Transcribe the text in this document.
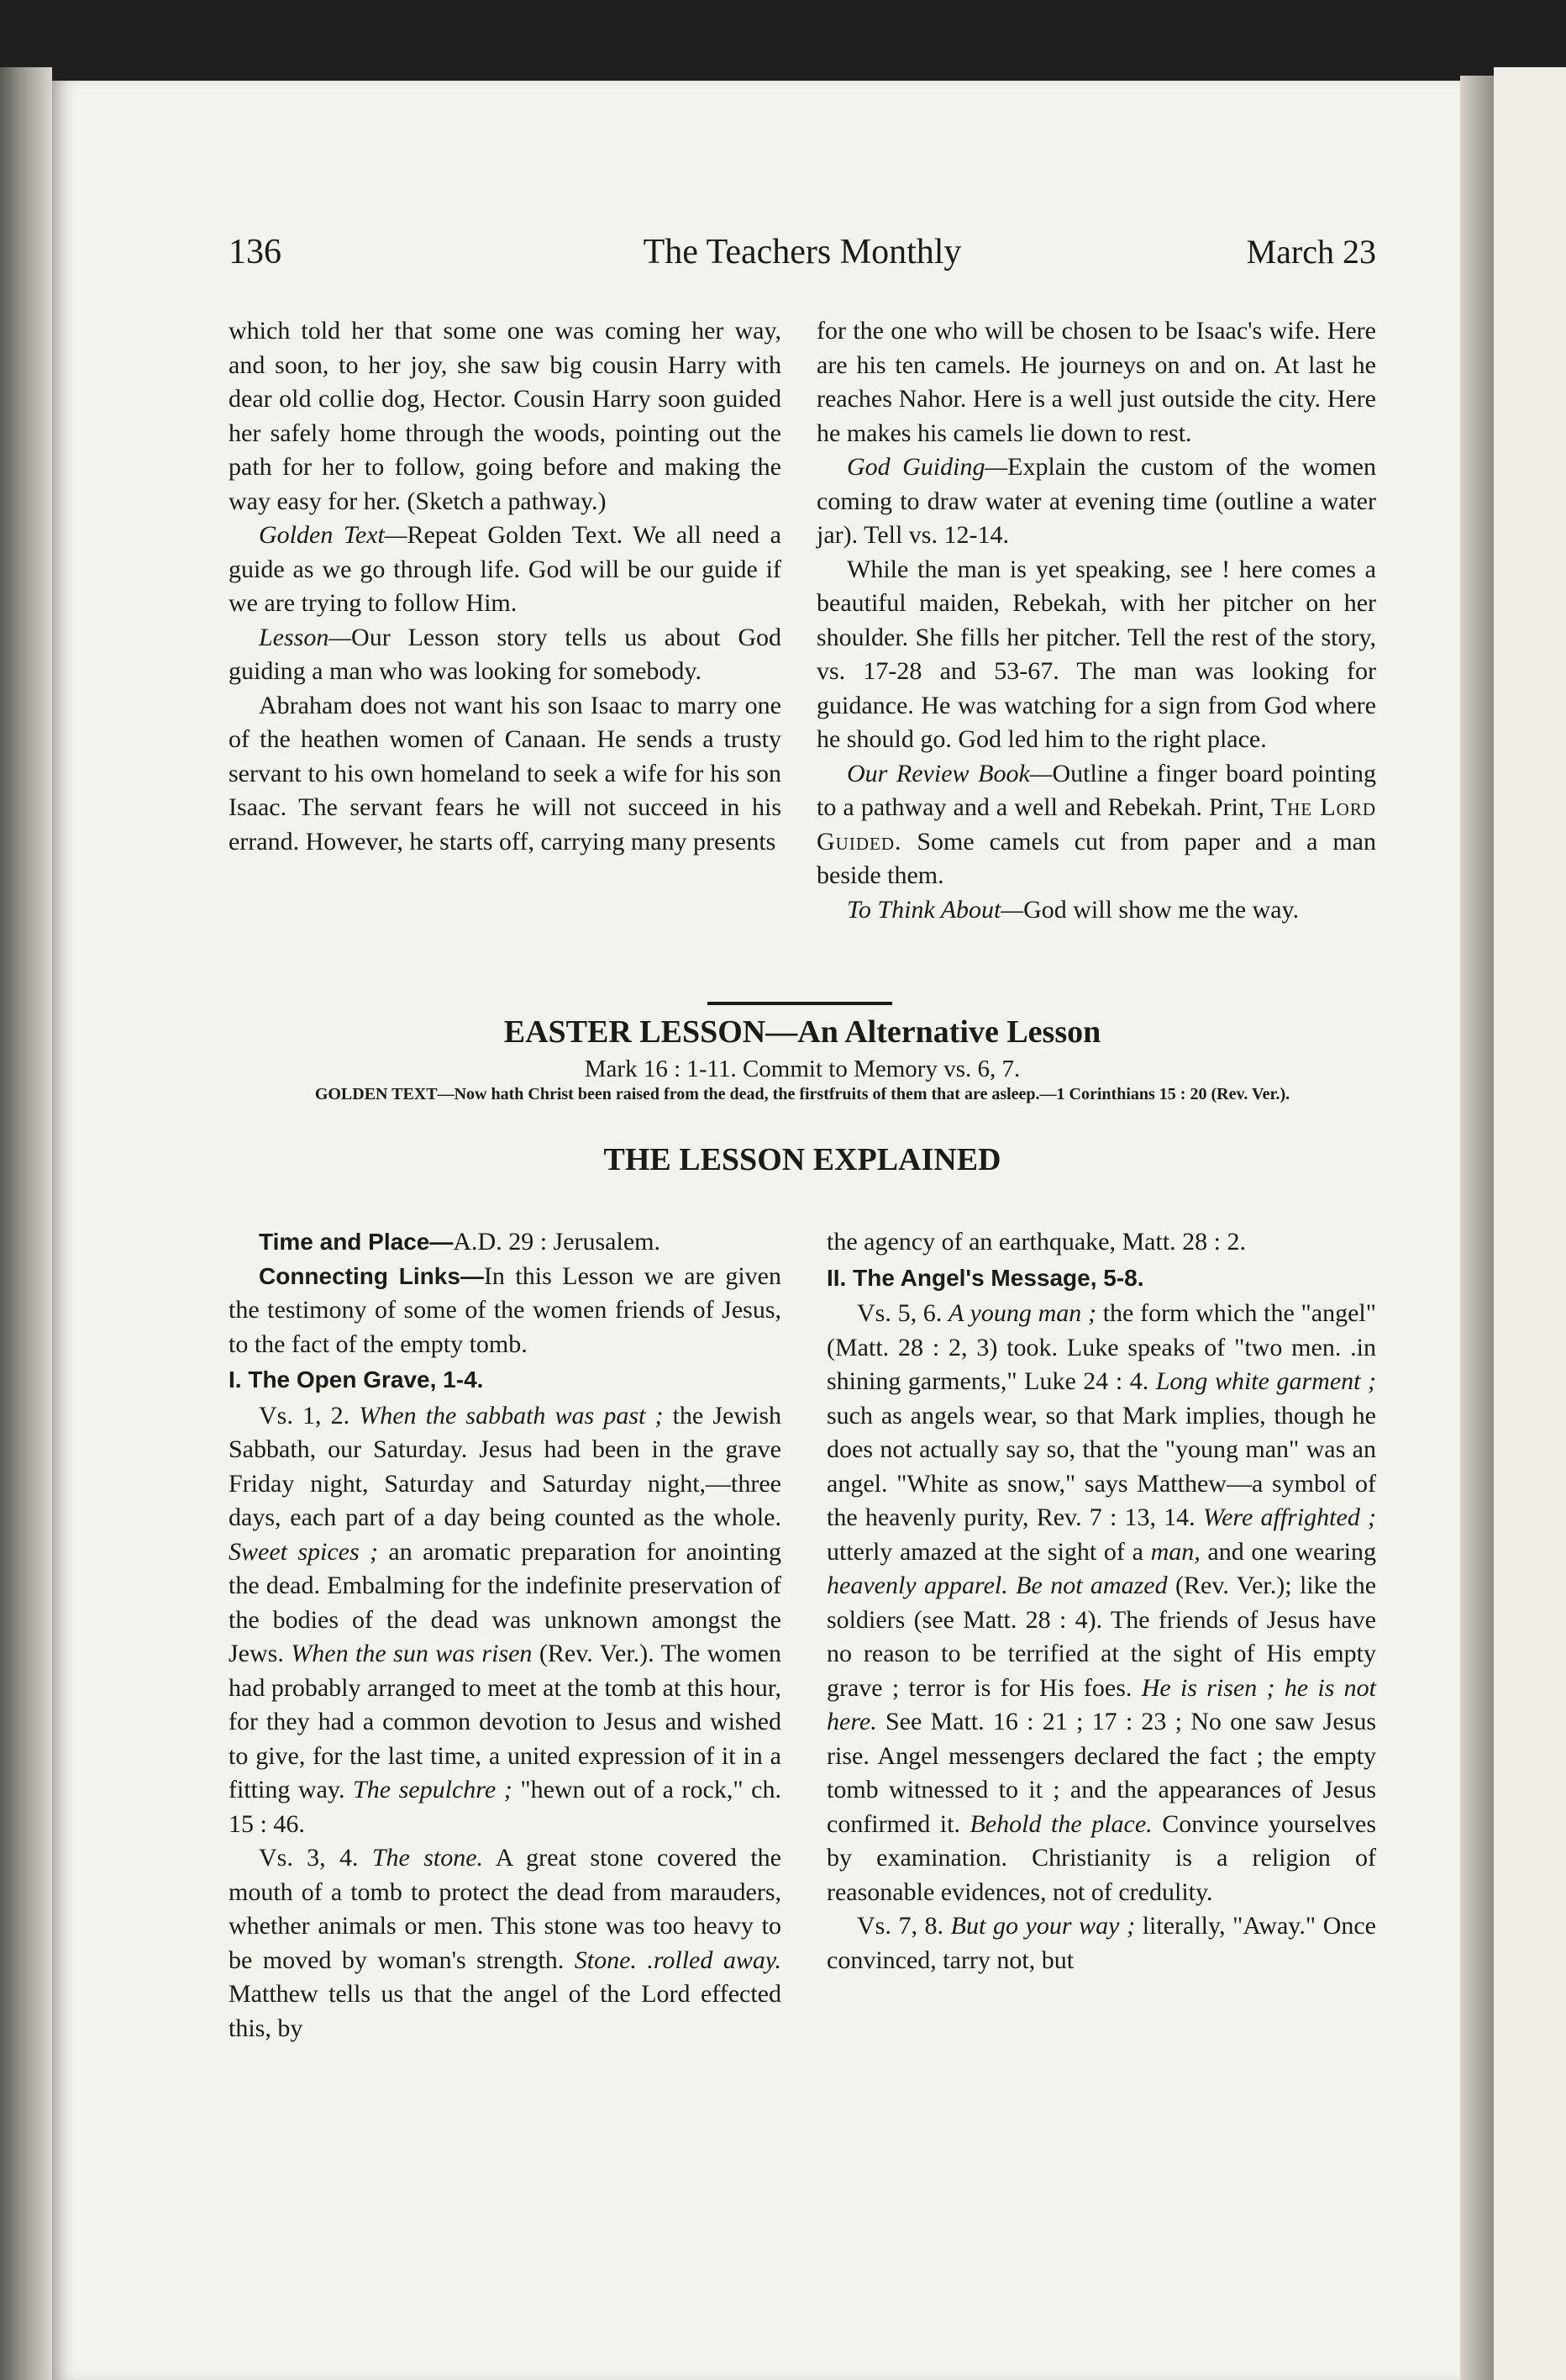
136	The Teachers Monthly	March 23

which told her that some one was coming her way, and soon, to her joy, she saw big cousin Harry with dear old collie dog, Hector. Cousin Harry soon guided her safely home through the woods, pointing out the path for her to follow, going before and making the way easy for her. (Sketch a pathway.)

Golden Text—Repeat Golden Text. We all need a guide as we go through life. God will be our guide if we are trying to follow Him.

Lesson—Our Lesson story tells us about God guiding a man who was looking for somebody.

Abraham does not want his son Isaac to marry one of the heathen women of Canaan. He sends a trusty servant to his own homeland to seek a wife for his son Isaac. The servant fears he will not succeed in his errand. However, he starts off, carrying many presents

for the one who will be chosen to be Isaac's wife. Here are his ten camels. He journeys on and on. At last he reaches Nahor. Here is a well just outside the city. Here he makes his camels lie down to rest.

God Guiding—Explain the custom of the women coming to draw water at evening time (outline a water jar). Tell vs. 12-14.

While the man is yet speaking, see ! here comes a beautiful maiden, Rebekah, with her pitcher on her shoulder. She fills her pitcher. Tell the rest of the story, vs. 17-28 and 53-67. The man was looking for guidance. He was watching for a sign from God where he should go. God led him to the right place.

Our Review Book—Outline a finger board pointing to a pathway and a well and Rebekah. Print, The Lord Guided. Some camels cut from paper and a man beside them.

To Think About—God will show me the way.

EASTER LESSON—An Alternative Lesson
Mark 16 : 1-11. Commit to Memory vs. 6, 7.
GOLDEN TEXT—Now hath Christ been raised from the dead, the firstfruits of them that are asleep.—1 Corinthians 15 : 20 (Rev. Ver.).
THE LESSON EXPLAINED

Time and Place—A.D. 29 : Jerusalem.

Connecting Links—In this Lesson we are given the testimony of some of the women friends of Jesus, to the fact of the empty tomb.

I. The Open Grave, 1-4.

Vs. 1, 2. When the sabbath was past ; the Jewish Sabbath, our Saturday. Jesus had been in the grave Friday night, Saturday and Saturday night,—three days, each part of a day being counted as the whole. Sweet spices ; an aromatic preparation for anointing the dead. Embalming for the indefinite preservation of the bodies of the dead was unknown amongst the Jews. When the sun was risen (Rev. Ver.). The women had probably arranged to meet at the tomb at this hour, for they had a common devotion to Jesus and wished to give, for the last time, a united expression of it in a fitting way. The sepulchre ; "hewn out of a rock," ch. 15 : 46.

Vs. 3, 4. The stone. A great stone covered the mouth of a tomb to protect the dead from marauders, whether animals or men. This stone was too heavy to be moved by woman's strength. Stone. .rolled away. Matthew tells us that the angel of the Lord effected this, by

the agency of an earthquake, Matt. 28 : 2.

II. The Angel's Message, 5-8.

Vs. 5, 6. A young man ; the form which the "angel" (Matt. 28 : 2, 3) took. Luke speaks of "two men. .in shining garments," Luke 24 : 4. Long white garment ; such as angels wear, so that Mark implies, though he does not actually say so, that the "young man" was an angel. "White as snow," says Matthew—a symbol of the heavenly purity, Rev. 7 : 13, 14. Were affrighted ; utterly amazed at the sight of a man, and one wearing heavenly apparel. Be not amazed (Rev. Ver.); like the soldiers (see Matt. 28 : 4). The friends of Jesus have no reason to be terrified at the sight of His empty grave ; terror is for His foes. He is risen ; he is not here. See Matt. 16 : 21 ; 17 : 23 ; No one saw Jesus rise. Angel messengers declared the fact ; the empty tomb witnessed to it ; and the appearances of Jesus confirmed it. Behold the place. Convince yourselves by examination. Christianity is a religion of reasonable evidences, not of credulity.

Vs. 7, 8. But go your way ; literally, "Away." Once convinced, tarry not, but
